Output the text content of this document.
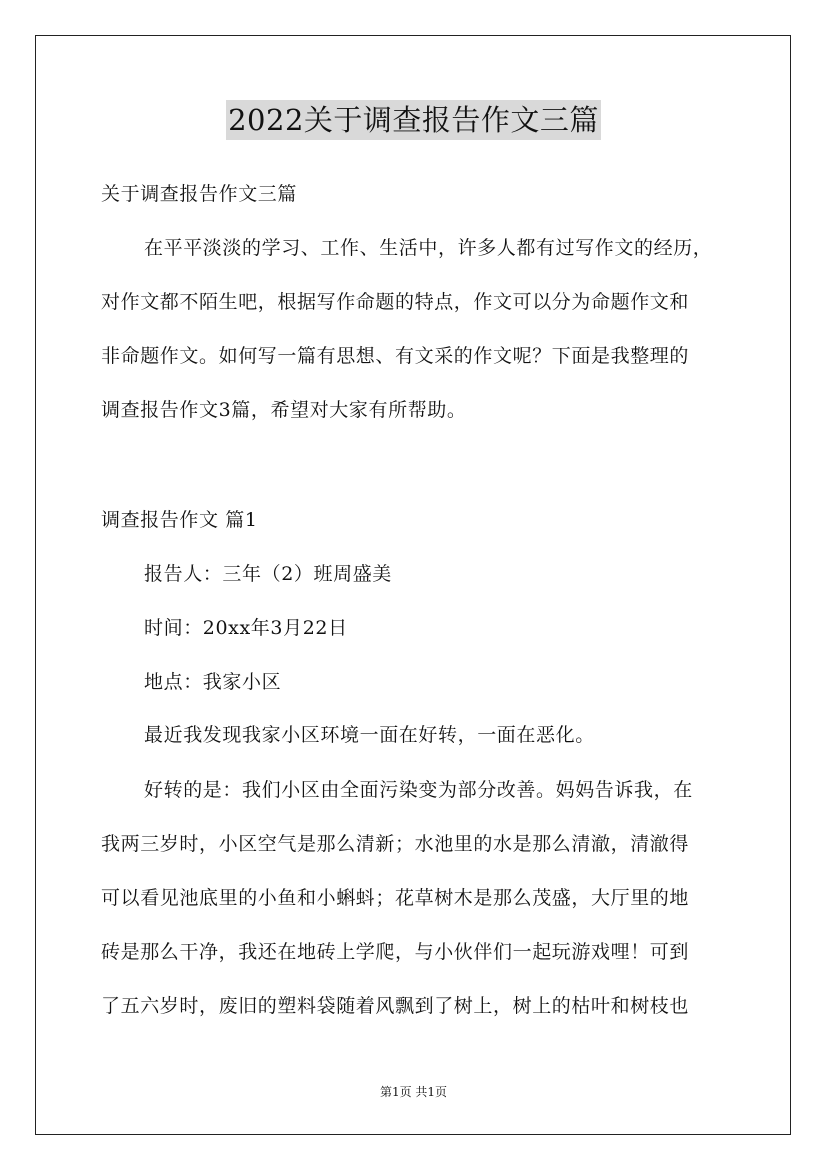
2022关于调查报告作文三篇
关于调查报告作文三篇
在平平淡淡的学习、工作、生活中，许多人都有过写作文的经历，
对作文都不陌生吧，根据写作命题的特点，作文可以分为命题作文和
非命题作文。如何写一篇有思想、有文采的作文呢？下面是我整理的
调查报告作文3篇，希望对大家有所帮助。
调查报告作文 篇1
报告人：三年（2）班周盛美
时间：20xx年3月22日
地点：我家小区
最近我发现我家小区环境一面在好转，一面在恶化。
好转的是：我们小区由全面污染变为部分改善。妈妈告诉我，在
我两三岁时，小区空气是那么清新；水池里的水是那么清澈，清澈得
可以看见池底里的小鱼和小蝌蚪；花草树木是那么茂盛，大厅里的地
砖是那么干净，我还在地砖上学爬，与小伙伴们一起玩游戏哩！可到
了五六岁时，废旧的塑料袋随着风飘到了树上，树上的枯叶和树枝也
第1页 共1页
